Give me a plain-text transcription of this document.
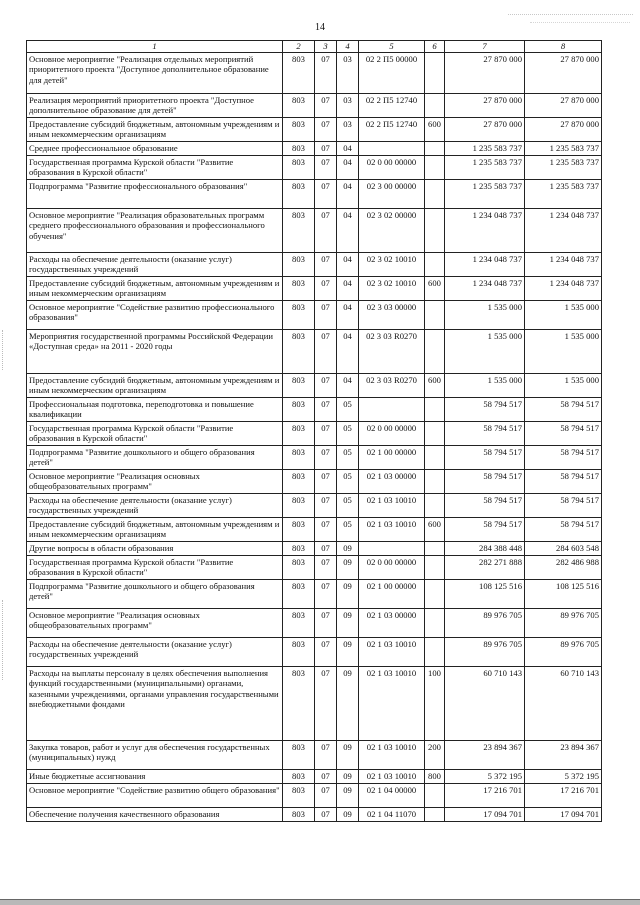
14
1	2	3	4	5	6	7	8
Основное мероприятие "Реализация отдельных мероприятий приоритетного проекта "Доступное дополнительное образование для детей"	803	07	03	02 2 П5 00000		27 870 000	27 870 000
Реализация мероприятий приоритетного проекта "Доступное дополнительное образование для детей"	803	07	03	02 2 П5 12740		27 870 000	27 870 000
Предоставление субсидий бюджетным, автономным учреждениям и иным некоммерческим организациям	803	07	03	02 2 П5 12740	600	27 870 000	27 870 000
Среднее профессиональное образование	803	07	04			1 235 583 737	1 235 583 737
Государственная программа Курской области "Развитие образования в Курской области"	803	07	04	02 0 00 00000		1 235 583 737	1 235 583 737
Подпрограмма "Развитие профессионального образования"	803	07	04	02 3 00 00000		1 235 583 737	1 235 583 737
Основное мероприятие "Реализация образовательных программ среднего профессионального образования и профессионального обучения"	803	07	04	02 3 02 00000		1 234 048 737	1 234 048 737
Расходы на обеспечение деятельности (оказание услуг) государственных учреждений	803	07	04	02 3 02 10010		1 234 048 737	1 234 048 737
Предоставление субсидий бюджетным, автономным учреждениям и иным некоммерческим организациям	803	07	04	02 3 02 10010	600	1 234 048 737	1 234 048 737
Основное мероприятие "Содействие развитию профессионального образования"	803	07	04	02 3 03 00000		1 535 000	1 535 000
Мероприятия государственной программы Российской Федерации «Доступная среда» на 2011 - 2020 годы	803	07	04	02 3 03 R0270		1 535 000	1 535 000
Предоставление субсидий бюджетным, автономным учреждениям и иным некоммерческим организациям	803	07	04	02 3 03 R0270	600	1 535 000	1 535 000
Профессиональная подготовка, переподготовка и повышение квалификации	803	07	05			58 794 517	58 794 517
Государственная программа Курской области "Развитие образования в Курской области"	803	07	05	02 0 00 00000		58 794 517	58 794 517
Подпрограмма "Развитие дошкольного и общего образования детей"	803	07	05	02 1 00 00000		58 794 517	58 794 517
Основное мероприятие "Реализация основных общеобразовательных программ"	803	07	05	02 1 03 00000		58 794 517	58 794 517
Расходы на обеспечение деятельности (оказание услуг) государственных учреждений	803	07	05	02 1 03 10010		58 794 517	58 794 517
Предоставление субсидий бюджетным, автономным учреждениям и иным некоммерческим организациям	803	07	05	02 1 03 10010	600	58 794 517	58 794 517
Другие вопросы в области образования	803	07	09			284 388 448	284 603 548
Государственная программа Курской области "Развитие образования в Курской области"	803	07	09	02 0 00 00000		282 271 888	282 486 988
Подпрограмма "Развитие дошкольного и общего образования детей"	803	07	09	02 1 00 00000		108 125 516	108 125 516
Основное мероприятие "Реализация основных общеобразовательных программ"	803	07	09	02 1 03 00000		89 976 705	89 976 705
Расходы на обеспечение деятельности (оказание услуг) государственных учреждений	803	07	09	02 1 03 10010		89 976 705	89 976 705
Расходы на выплаты персоналу в целях обеспечения выполнения функций государственными (муниципальными) органами, казенными учреждениями, органами управления государственными внебюджетными фондами	803	07	09	02 1 03 10010	100	60 710 143	60 710 143
Закупка товаров, работ и услуг для обеспечения государственных (муниципальных) нужд	803	07	09	02 1 03 10010	200	23 894 367	23 894 367
Иные бюджетные ассигнования	803	07	09	02 1 03 10010	800	5 372 195	5 372 195
Основное мероприятие "Содействие развитию общего образования"	803	07	09	02 1 04 00000		17 216 701	17 216 701
Обеспечение получения качественного образования	803	07	09	02 1 04 11070		17 094 701	17 094 701
